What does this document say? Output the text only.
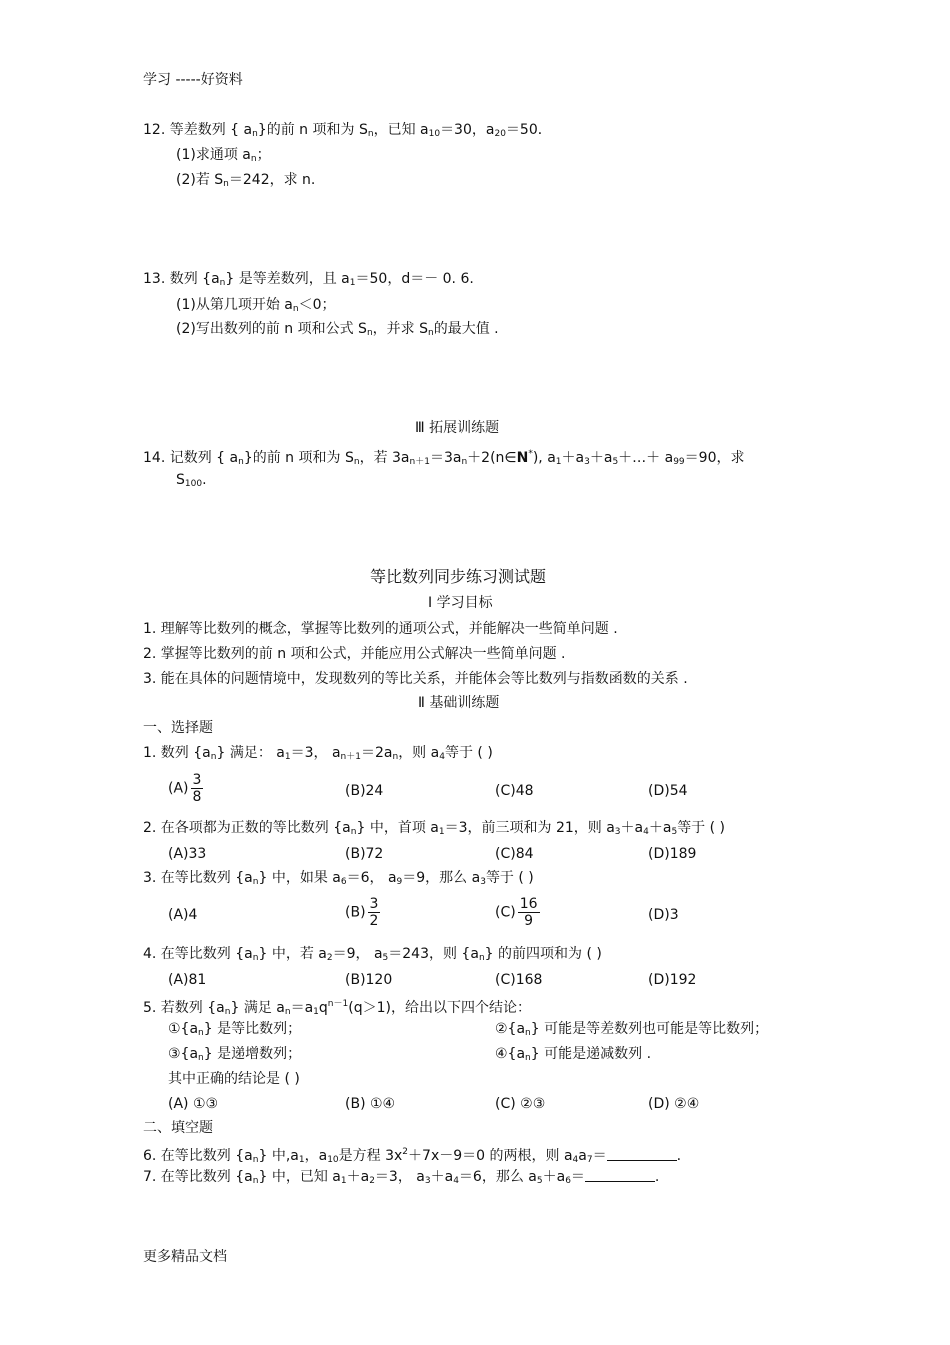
学习 -----好资料
12. 等差数列 { $a_n$}的前 n 项和为 $S_n$，已知 $a_{10}=30$，$a_{20}=50$．
(1)求通项 $a_n$；
(2)若 $S_n=242$，求 n.
13. 数列 $\{a_n\}$ 是等差数列，且 $a_1=50$，d＝－ 0. 6.
(1)从第几项开始 $a_n<0$；
(2)写出数列的前 n 项和公式 $S_n$，并求 $S_n$的最大值 .
Ⅲ 拓展训练题
14. 记数列 { $a_n$}的前 n 项和为 $S_n$，若 $3a_{n+1}=3a_n+2(n\in N^*)$, $a_1+a_3+a_5+\dots+ a_{99}=90$，求
$S_{100}$.
等比数列同步练习测试题
Ⅰ 学习目标
1. 理解等比数列的概念，掌握等比数列的通项公式，并能解决一些简单问题 .
2. 掌握等比数列的前 n 项和公式，并能应用公式解决一些简单问题 .
3. 能在具体的问题情境中，发现数列的等比关系，并能体会等比数列与指数函数的关系 .
Ⅱ 基础训练题
一、选择题
1. 数列 $\{a_n\}$ 满足： $a_1=3$， $a_{n+1}=2a_n$，则 $a_4$等于 ( )
$(A) \frac{3}{8}$	(B)24	(C)48	(D)54
2. 在各项都为正数的等比数列 $\{a_n\}$ 中，首项 $a_1=3$，前三项和为 21，则 $a_3+a_4+a_5$等于 ( )
(A)33	(B)72	(C)84	(D)189
3. 在等比数列 $\{a_n\}$ 中，如果 $a_6=6$， $a_9=9$，那么 $a_3$等于 ( )
(A)4	$(B) \frac{3}{2}$	$(C) \frac{16}{9}$	(D)3
4. 在等比数列 $\{a_n\}$ 中，若 $a_2=9$， $a_5=243$，则 $\{a_n\}$ 的前四项和为 ( )
(A)81	(B)120	(C)168	(D)192
5. 若数列 $\{a_n\}$ 满足 $a_n=a_1q^{n-1}(q>1)$，给出以下四个结论：
$①\{a_n\}$ 是等比数列；	$②\{a_n\}$ 可能是等差数列也可能是等比数列；
$③\{a_n\}$ 是递增数列；	$④\{a_n\}$ 可能是递减数列 .
其中正确的结论是 ( )
(A) ①③	(B) ①④	(C) ②③	(D) ②④
二、填空题
6. 在等比数列 $\{a_n\}$ 中$,a_1$，$a_{10}$是方程 $3x^2+7x-9=0$ 的两根，则 $a_4a_7=$	.
7. 在等比数列 $\{a_n\}$ 中，已知 $a_1+a_2=3$， $a_3+a_4=6$，那么 $a_5+a_6=$	.
更多精品文档
